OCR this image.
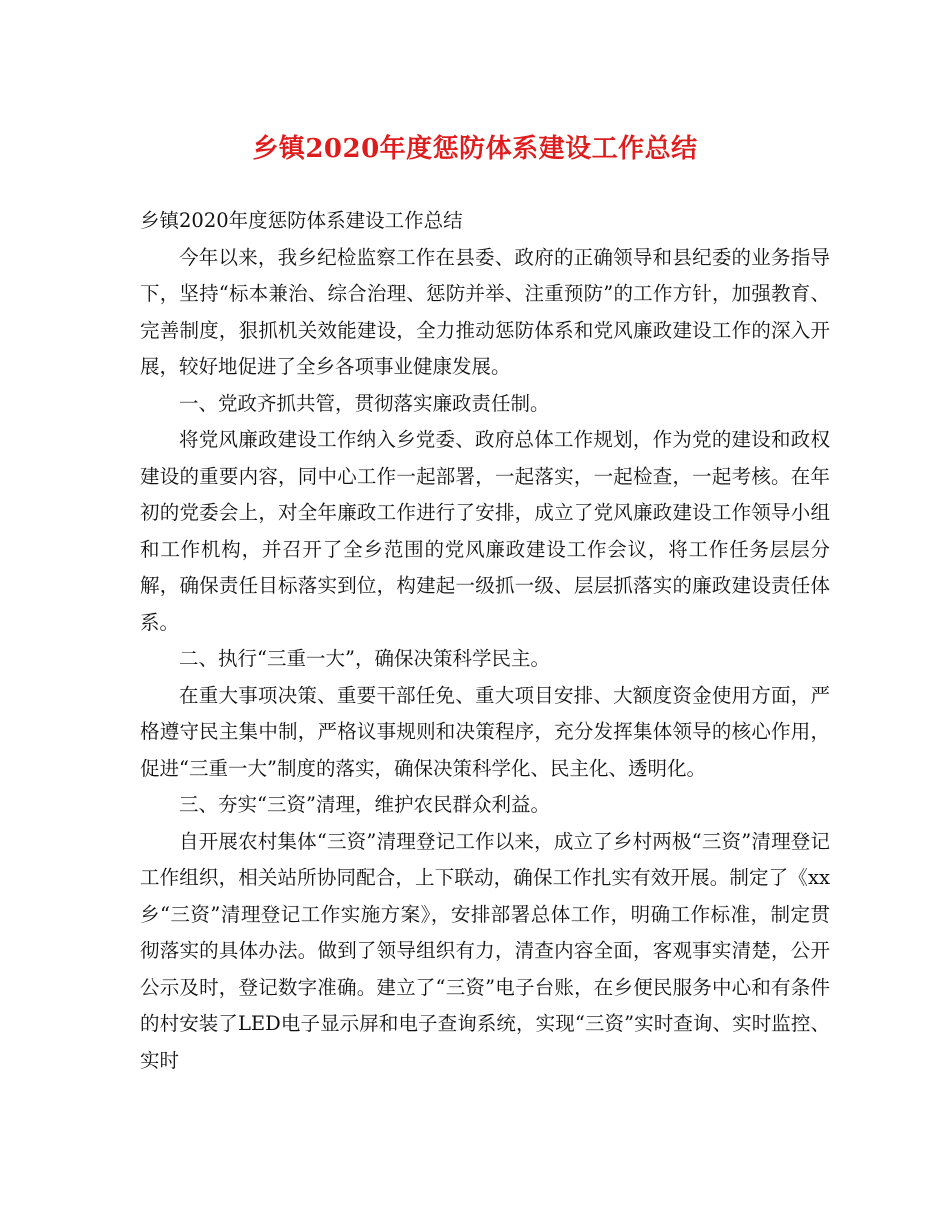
乡镇2020年度惩防体系建设工作总结

乡镇2020年度惩防体系建设工作总结

今年以来，我乡纪检监察工作在县委、政府的正确领导和县纪委的业务指导下，坚持“标本兼治、综合治理、惩防并举、注重预防”的工作方针，加强教育、完善制度，狠抓机关效能建设，全力推动惩防体系和党风廉政建设工作的深入开展，较好地促进了全乡各项事业健康发展。

一、党政齐抓共管，贯彻落实廉政责任制。

将党风廉政建设工作纳入乡党委、政府总体工作规划，作为党的建设和政权建设的重要内容，同中心工作一起部署，一起落实，一起检查，一起考核。在年初的党委会上，对全年廉政工作进行了安排，成立了党风廉政建设工作领导小组和工作机构，并召开了全乡范围的党风廉政建设工作会议，将工作任务层层分解，确保责任目标落实到位，构建起一级抓一级、层层抓落实的廉政建设责任体系。

二、执行“三重一大”，确保决策科学民主。

在重大事项决策、重要干部任免、重大项目安排、大额度资金使用方面，严格遵守民主集中制，严格议事规则和决策程序，充分发挥集体领导的核心作用，促进“三重一大”制度的落实，确保决策科学化、民主化、透明化。

三、夯实“三资”清理，维护农民群众利益。

自开展农村集体“三资”清理登记工作以来，成立了乡村两极“三资”清理登记工作组织，相关站所协同配合，上下联动，确保工作扎实有效开展。制定了《xx乡“三资”清理登记工作实施方案》，安排部署总体工作，明确工作标准，制定贯彻落实的具体办法。做到了领导组织有力，清查内容全面，客观事实清楚，公开公示及时，登记数字准确。建立了“三资”电子台账，在乡便民服务中心和有条件的村安装了LED电子显示屏和电子查询系统，实现“三资”实时查询、实时监控、实时
